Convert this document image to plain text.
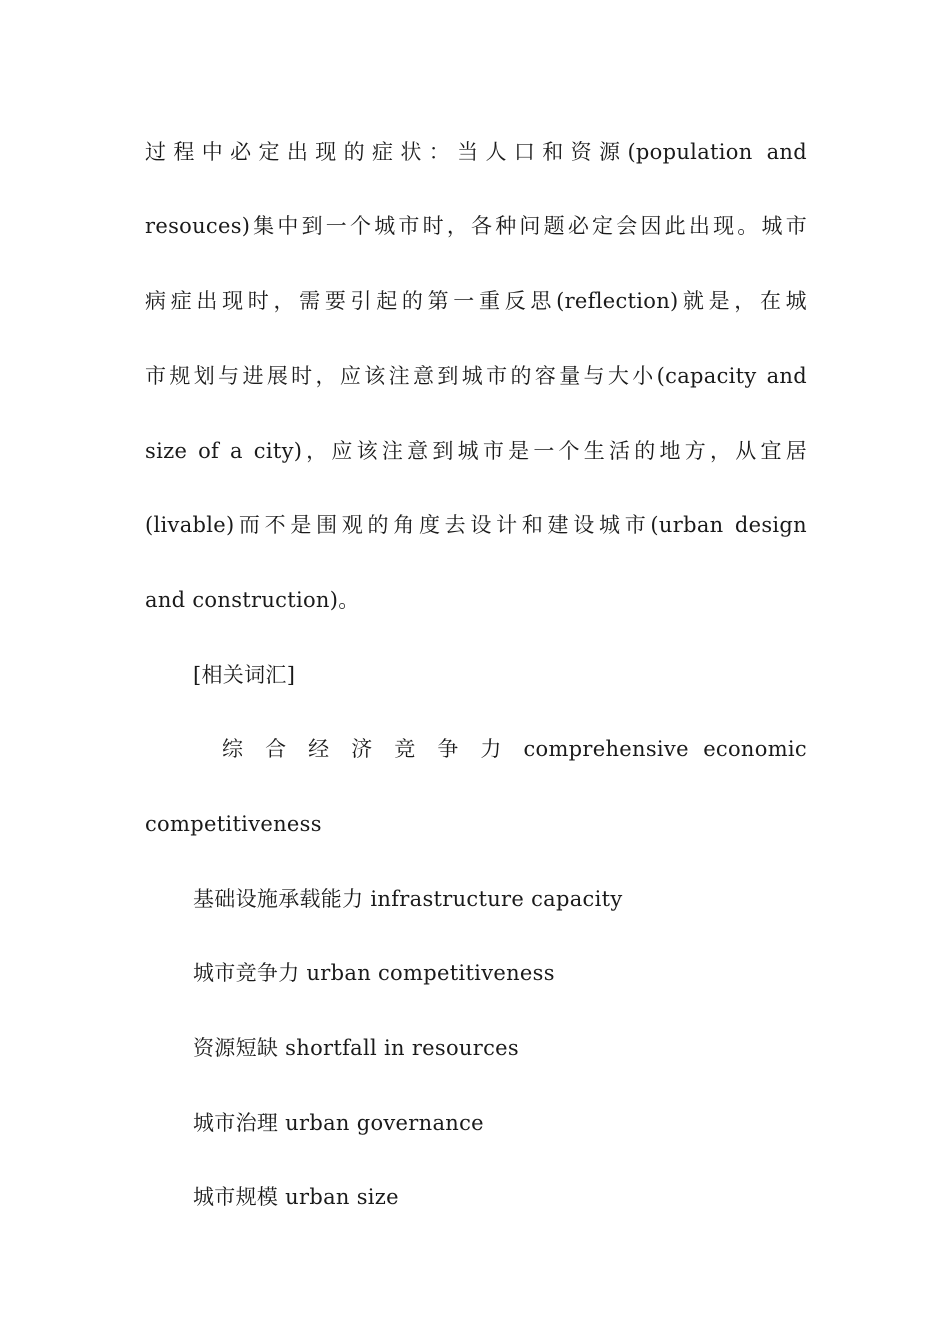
过程中必定出现的症状：当人口和资源(population and
resouces)集中到一个城市时，各种问题必定会因此出现。城市
病症出现时，需要引起的第一重反思(reflection)就是，在城
市规划与进展时，应该注意到城市的容量与大小(capacity and
size of a city)，应该注意到城市是一个生活的地方，从宜居
(livable)而不是围观的角度去设计和建设城市(urban design
and construction)。
[相关词汇]
综 合 经 济 竞 争 力 comprehensive economic
competitiveness
基础设施承载能力 infrastructure capacity
城市竞争力 urban competitiveness
资源短缺 shortfall in resources
城市治理 urban governance
城市规模 urban size
